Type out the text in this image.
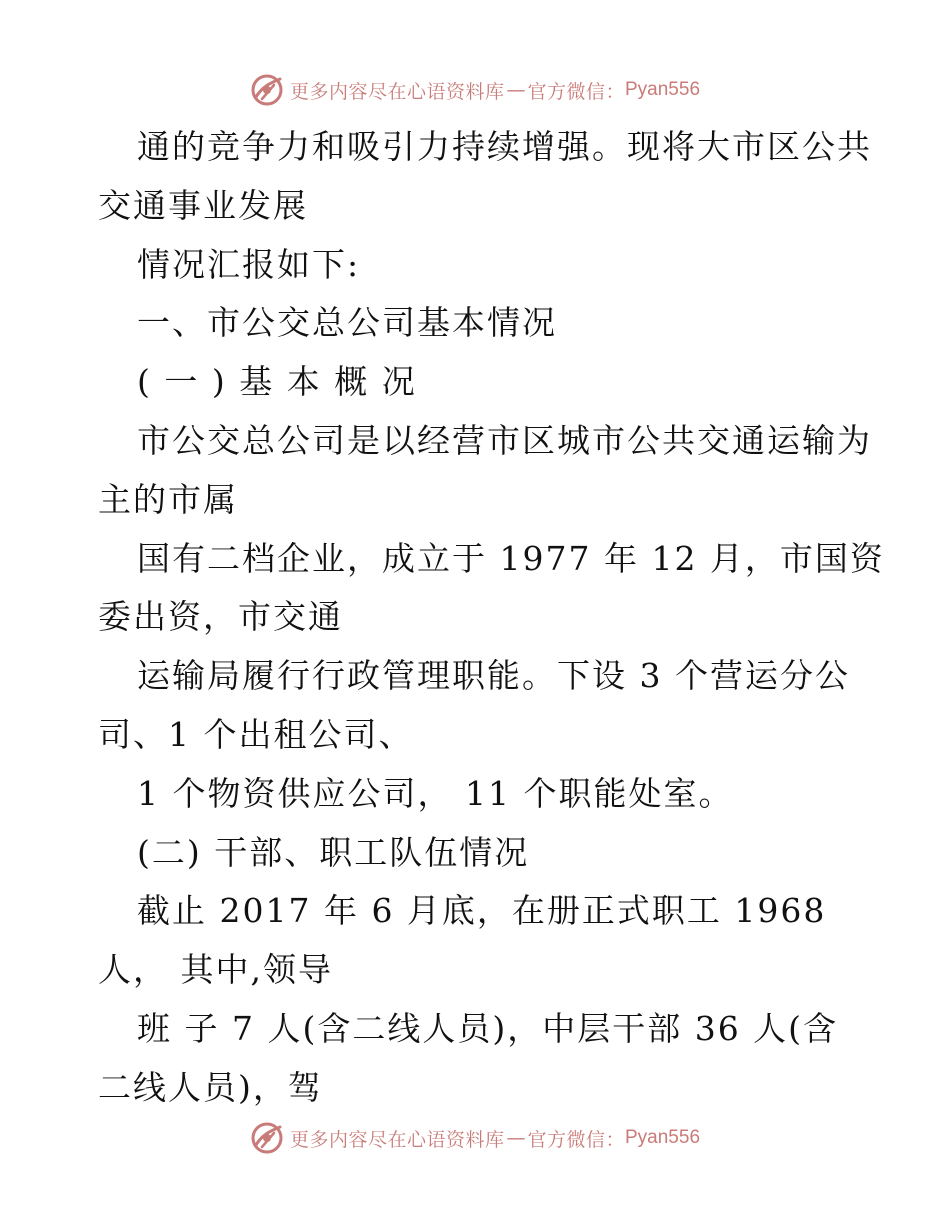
更多内容尽在心语资料库 — 官方微信： Pyan556
通的竞争力和吸引力持续增强。现将大市区公共
交通事业发展
情况汇报如下:
一、市公交总公司基本情况
( 一 ) 基 本 概 况
市公交总公司是以经营市区城市公共交通运输为
主的市属
国有二档企业，成立于 1977 年 12 月，市国资
委出资，市交通
运输局履行行政管理职能。下设 3 个营运分公
司、1 个出租公司、
1 个物资供应公司， 11 个职能处室。
(二) 干部、职工队伍情况
截止 2017 年 6 月底，在册正式职工 1968
人， 其中,领导
班 子 7 人(含二线人员)，中层干部 36 人(含
二线人员)，驾
更多内容尽在心语资料库 — 官方微信： Pyan556
